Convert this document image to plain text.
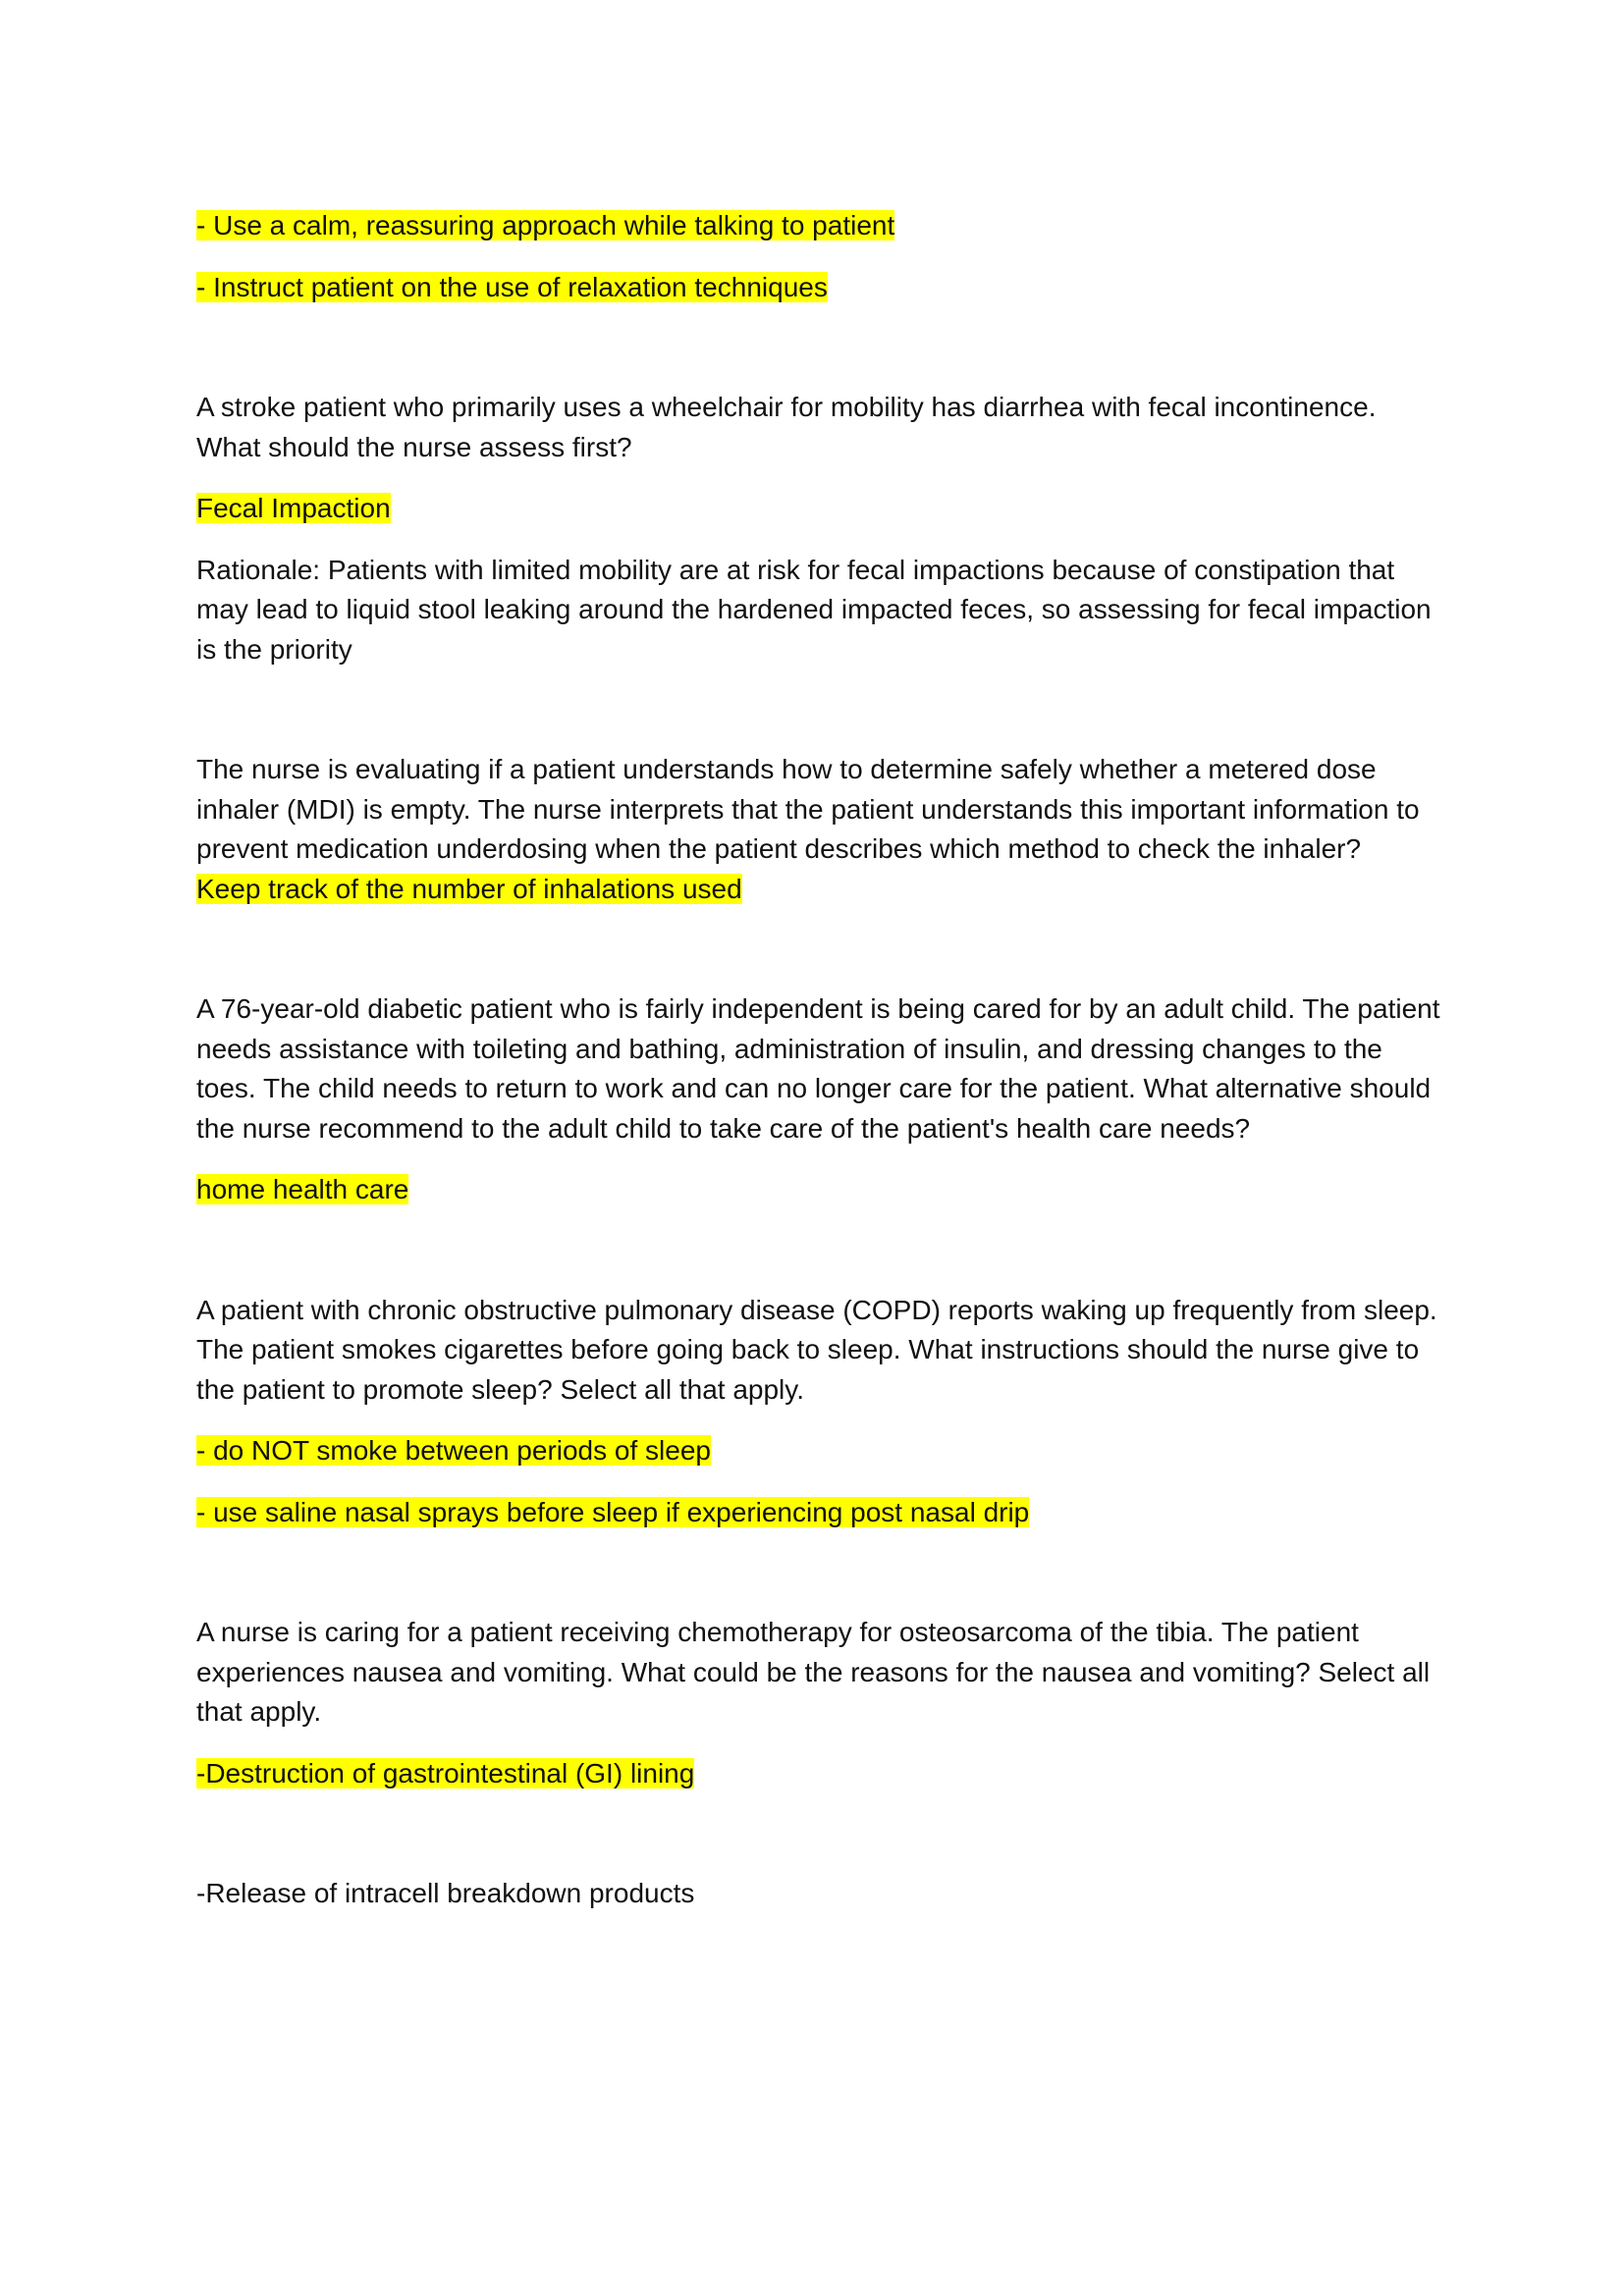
- Use a calm, reassuring approach while talking to patient

- Instruct patient on the use of relaxation techniques

A stroke patient who primarily uses a wheelchair for mobility has diarrhea with fecal incontinence. What should the nurse assess first?

Fecal Impaction

Rationale: Patients with limited mobility are at risk for fecal impactions because of constipation that may lead to liquid stool leaking around the hardened impacted feces, so assessing for fecal impaction is the priority

The nurse is evaluating if a patient understands how to determine safely whether a metered dose inhaler (MDI) is empty. The nurse interprets that the patient understands this important information to prevent medication underdosing when the patient describes which method to check the inhaler?

Keep track of the number of inhalations used

A 76-year-old diabetic patient who is fairly independent is being cared for by an adult child. The patient needs assistance with toileting and bathing, administration of insulin, and dressing changes to the toes. The child needs to return to work and can no longer care for the patient. What alternative should the nurse recommend to the adult child to take care of the patient's health care needs?

home health care

A patient with chronic obstructive pulmonary disease (COPD) reports waking up frequently from sleep. The patient smokes cigarettes before going back to sleep. What instructions should the nurse give to the patient to promote sleep? Select all that apply.

- do NOT smoke between periods of sleep

- use saline nasal sprays before sleep if experiencing post nasal drip

A nurse is caring for a patient receiving chemotherapy for osteosarcoma of the tibia. The patient experiences nausea and vomiting. What could be the reasons for the nausea and vomiting? Select all that apply.

-Destruction of gastrointestinal (GI) lining

-Release of intracell breakdown products
